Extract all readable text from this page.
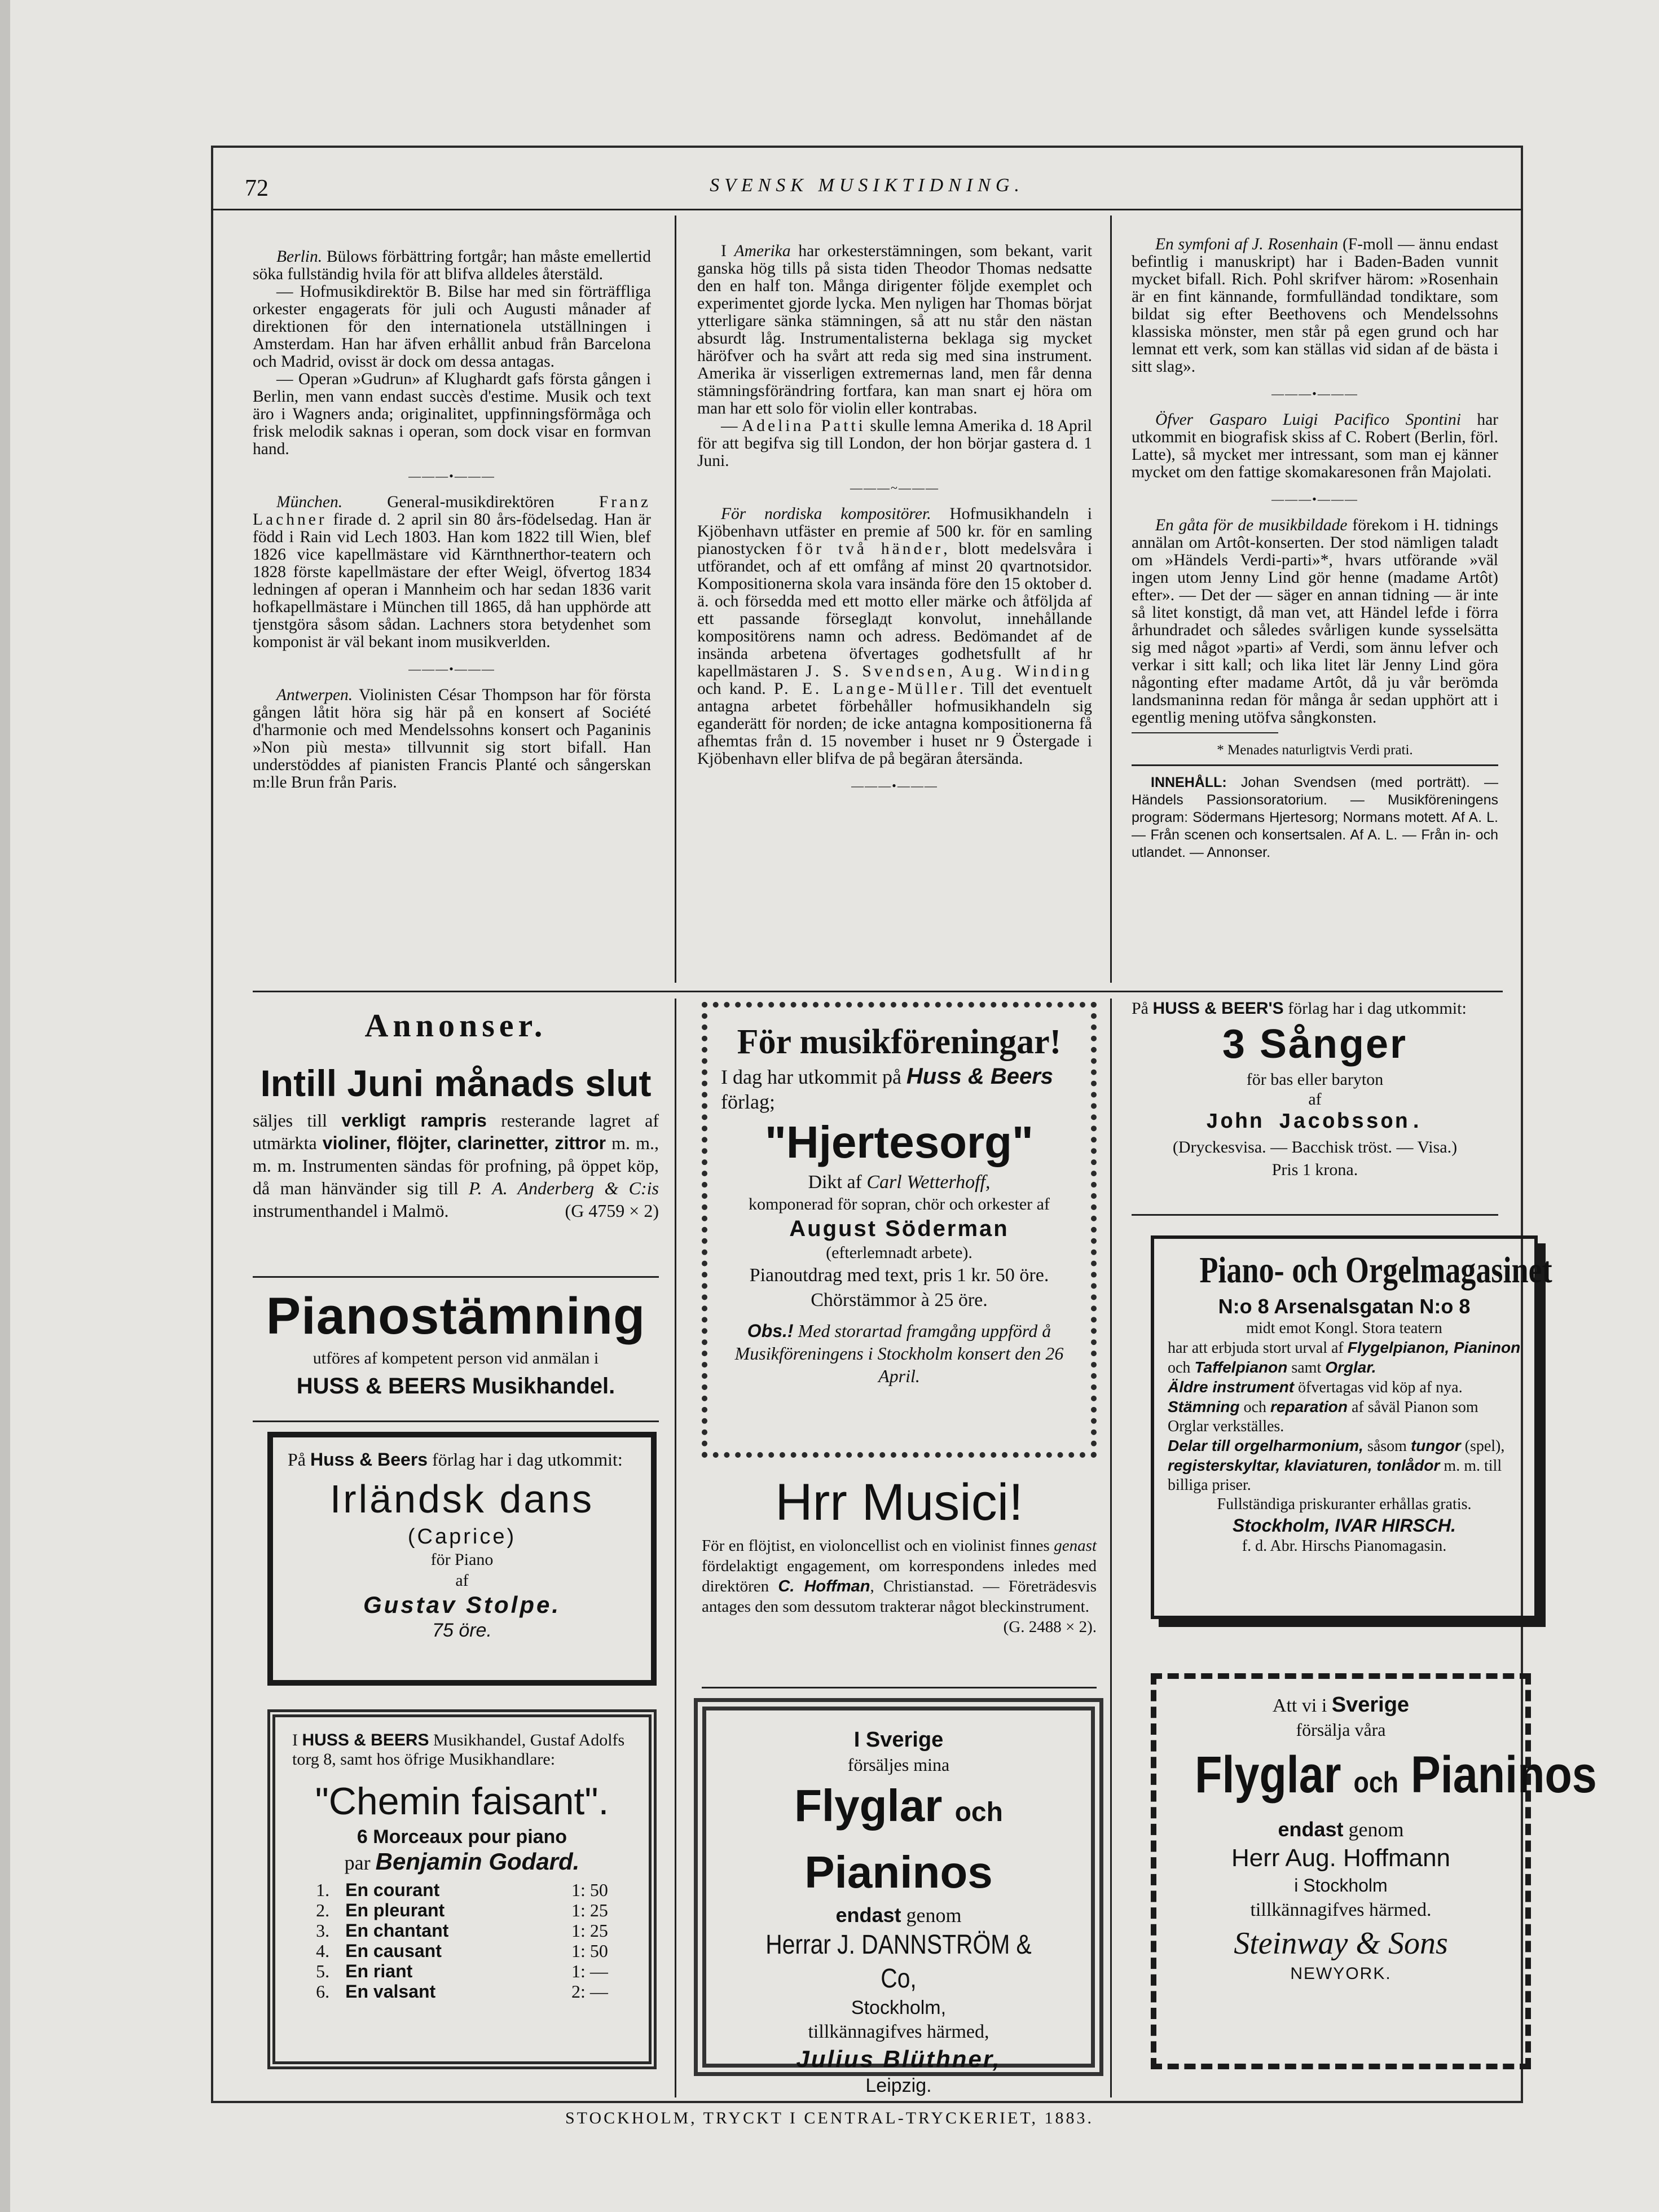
72	SVENSK MUSIKTIDNING.

Berlin. Bülows förbättring fortgår; han måste emellertid söka fullständig hvila för att blifva alldeles återstäld.

— Hofmusikdirektör B. Bilse har med sin förträffliga orkester engagerats för juli och Augusti månader af direktionen för den internationela utställningen i Amsterdam. Han har äfven erhållit anbud från Barcelona och Madrid, ovisst är dock om dessa antagas.

— Operan »Gudrun» af Klughardt gafs första gången i Berlin, men vann endast succès d'estime. Musik och text äro i Wagners anda; originalitet, uppfinningsförmåga och frisk melodik saknas i operan, som dock visar en formvan hand.

———•———

München. General-musikdirektören Franz Lachner firade d. 2 april sin 80 års-födelsedag. Han är född i Rain vid Lech 1803. Han kom 1822 till Wien, blef 1826 vice kapellmästare vid Kärnthnerthor-teatern och 1828 förste kapellmästare der efter Weigl, öfvertog 1834 ledningen af operan i Mannheim och har sedan 1836 varit hofkapellmästare i München till 1865, då han upphörde att tjenstgöra såsom sådan. Lachners stora betydenhet som komponist är väl bekant inom musikverlden.

———•———

Antwerpen. Violinisten César Thompson har för första gången låtit höra sig här på en konsert af Société d'harmonie och med Mendelssohns konsert och Paganinis »Non più mesta» tillvunnit sig stort bifall. Han understöddes af pianisten Francis Planté och sångerskan m:lle Brun från Paris.

I Amerika har orkesterstämningen, som bekant, varit ganska hög tills på sista tiden Theodor Thomas nedsatte den en half ton. Många dirigenter följde exemplet och experimentet gjorde lycka. Men nyligen har Thomas börjat ytterligare sänka stämningen, så att nu står den nästan absurdt låg. Instrumentalisterna beklaga sig mycket häröfver och ha svårt att reda sig med sina instrument. Amerika är visserligen extremernas land, men får denna stämningsförändring fortfara, kan man snart ej höra om man har ett solo för violin eller kontrabas.

— Adelina Patti skulle lemna Amerika d. 18 April för att begifva sig till London, der hon börjar gastera d. 1 Juni.

———~———

För nordiska kompositörer. Hofmusikhandeln i Kjöbenhavn utfäster en premie af 500 kr. för en samling pianostycken för två händer, blott medelsvåra i utförandet, och af ett omfång af minst 20 qvartnotsidor. Kompositionerna skola vara insända före den 15 oktober d. ä. och försedda med ett motto eller märke och åtföljda af ett passande förseglадt konvolut, innehållande kompositörens namn och adress. Bedömandet af de insända arbetena öfvertages godhetsfullt af hr kapellmästaren J. S. Svendsen, Aug. Winding och kand. P. E. Lange-Müller. Till det eventuelt antagna arbetet förbehåller hofmusikhandeln sig eganderätt för norden; de icke antagna kompositionerna få afhemtas från d. 15 november i huset nr 9 Östergade i Kjöbenhavn eller blifva de på begäran återsända.

———•———

En symfoni af J. Rosenhain (F-moll — ännu endast befintlig i manuskript) har i Baden-Baden vunnit mycket bifall. Rich. Pohl skrifver härom: »Rosenhain är en fint kännande, formfulländad tondiktare, som bildat sig efter Beethovens och Mendelssohns klassiska mönster, men står på egen grund och har lemnat ett verk, som kan ställas vid sidan af de bästa i sitt slag».

———•———

Öfver Gasparo Luigi Pacifico Spontini har utkommit en biografisk skiss af C. Robert (Berlin, förl. Latte), så mycket mer intressant, som man ej känner mycket om den fattige skomakaresonen från Majolati.

———•———

En gåta för de musikbildade förekom i H. tidnings annälan om Artôt-konserten. Der stod nämligen taladt om »Händels Verdi-parti»*, hvars utförande »väl ingen utom Jenny Lind gör henne (madame Artôt) efter». — Det der — säger en annan tidning — är inte så litet konstigt, då man vet, att Händel lefde i förra århundradet och således svårligen kunde sysselsätta sig med något »parti» af Verdi, som ännu lefver och verkar i sitt kall; och lika litet lär Jenny Lind göra någonting efter madame Artôt, då ju vår berömda landsmaninna redan för många år sedan upphört att i egentlig mening utöfva sångkonsten.

* Menades naturligtvis Verdi prati.
INNEHÅLL: Johan Svendsen (med porträtt). — Händels Passionsoratorium. — Musikföreningens program: Södermans Hjertesorg; Normans motett. Af A. L. — Från scenen och konsertsalen. Af A. L. — Från in- och utlandet. — Annonser.
Annonser.
Intill Juni månads slut
säljes till verkligt rampris resterande lagret af utmärkta violiner, flöjter, clarinetter, zittror m. m., m. m. Instrumenten sändas för profning, på öppet köp, då man hänvänder sig till P. A. Anderberg & C:is instrumenthandel i Malmö.	(G 4759 × 2)
Pianostämning
utföres af kompetent person vid anmälan i
HUSS & BEERS Musikhandel.
På Huss & Beers förlag har i dag utkommit:
Irländsk dans
(Caprice)
för Piano
af
Gustav Stolpe.
75 öre.
I HUSS & BEERS Musikhandel, Gustaf Adolfs torg 8, samt hos öfrige Musikhandlare:
"Chemin faisant".
6 Morceaux pour piano
par Benjamin Godard.
1.	En courant		1: 50
2.	En pleurant		1: 25
3.	En chantant		1: 25
4.	En causant		1: 50
5.	En riant		1: —
6.	En valsant		2: —
För musikföreningar!
I dag har utkommit på Huss & Beers förlag;
"Hjertesorg"
Dikt af Carl Wetterhoff,
komponerad för sopran, chör och orkester af
August Söderman
(efterlemnadt arbete).
Pianoutdrag med text, pris 1 kr. 50 öre.
Chörstämmor à 25 öre.
Obs.! Med storartad framgång uppförd å Musikföreningens i Stockholm konsert den 26 April.
Hrr Musici!
För en flöjtist, en violoncellist och en violinist finnes genast fördelaktigt engagement, om korrespondens inledes med direktören C. Hoffman, Christianstad. — Företrädesvis antages den som dessutom trakterar något bleckinstrument.
(G. 2488 × 2).
I Sverige
försäljes mina
Flyglar och Pianinos
endast genom
Herrar J. DANNSTRÖM & Co,
Stockholm,
tillkännagifves härmed,
Julius Blüthner,
Leipzig.
På HUSS & BEER'S förlag har i dag utkommit:
3 Sånger
för bas eller baryton
af
John Jacobsson.
(Dryckesvisa. — Bacchisk tröst. — Visa.)
Pris 1 krona.
Piano- och Orgelmagasinet
N:o 8 Arsenalsgatan N:o 8
midt emot Kongl. Stora teatern
har att erbjuda stort urval af Flygelpianon, Pianinon och Taffelpianon samt Orglar.
Äldre instrument öfvertagas vid köp af nya.
Stämning och reparation af såväl Pianon som Orglar verkställes.
Delar till orgelharmonium, såsom tungor (spel), registerskyltar, klaviaturen, tonlådor m. m. till billiga priser.
Fullständiga priskuranter erhållas gratis.
Stockholm, IVAR HIRSCH.
f. d. Abr. Hirschs Pianomagasin.
Att vi i Sverige
försälja våra
Flyglar och Pianinos
endast genom
Herr Aug. Hoffmann
i Stockholm
tillkännagifves härmed.
Steinway & Sons
NEWYORK.
STOCKHOLM, TRYCKT I CENTRAL-TRYCKERIET, 1883.
